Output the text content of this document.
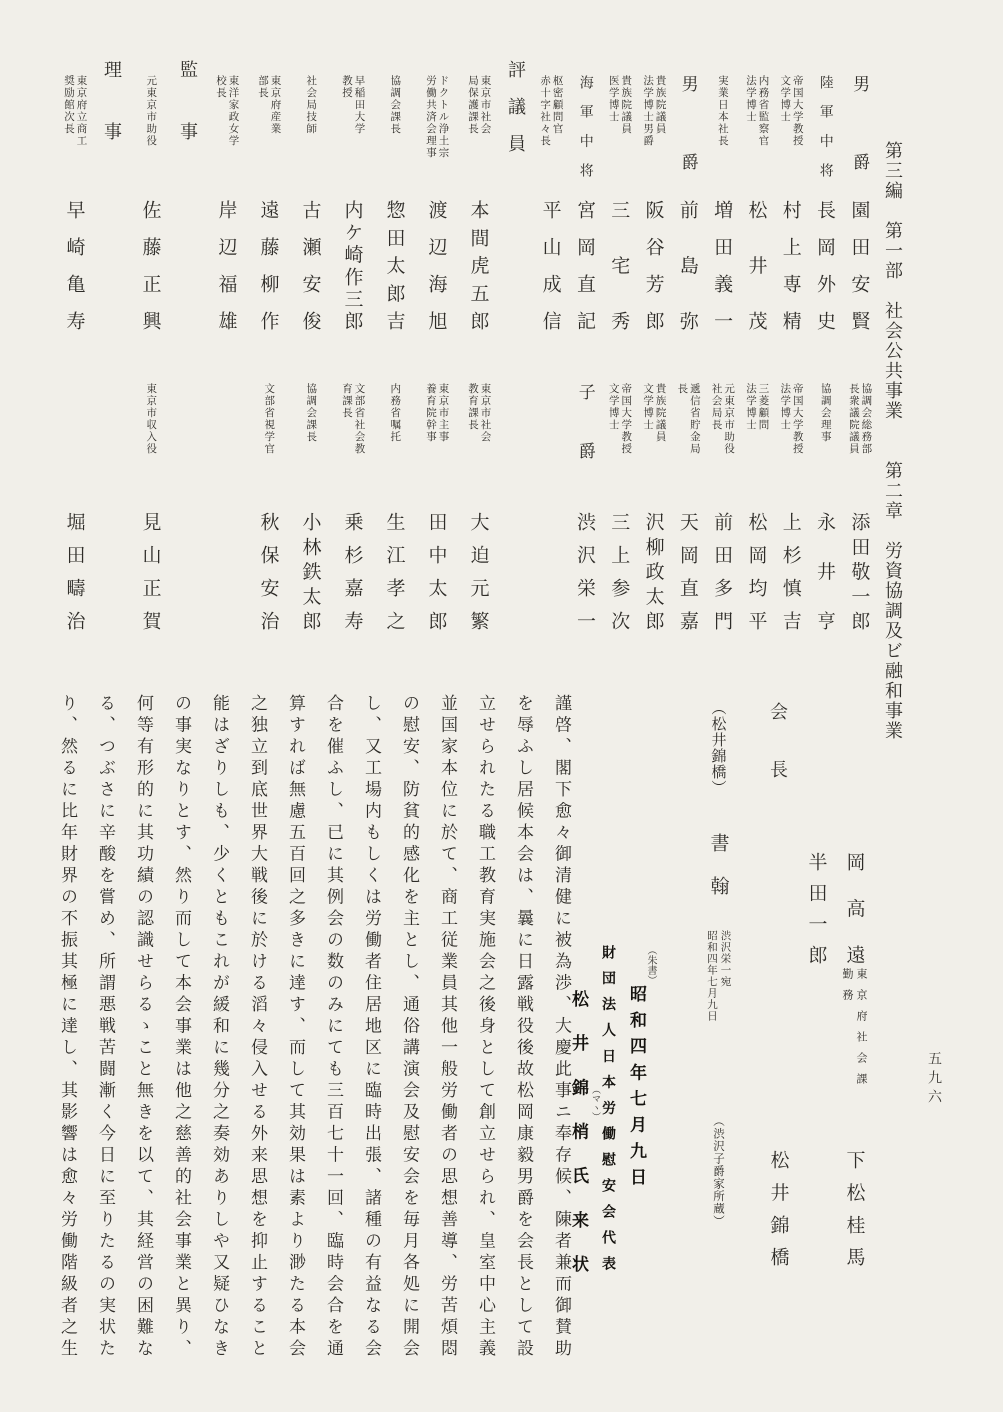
第三編　第一部　社会公共事業　　第二章　労資協調及ビ融和事業
男爵
園田安賢
協調会総務部
長衆議院議員
添田敬一郎
陸軍中将
長岡外史
協調会理事
永井亨
帝国大学教授
文学博士
村上専精
帝国大学教授
法学博士
上杉慎吉
内務省監察官
法学博士
松井茂
三菱顧問
法学博士
松岡均平
実業日本社長
増田義一
元東京市助役
社会局長
前田多門
男爵
前島弥
遞信省貯金局
長
天岡直嘉
貴族院議員
法学博士男爵
阪谷芳郎
貴族院議員
文学博士
沢柳政太郎
貴族院議員
医学博士
三宅秀
帝国大学教授
文学博士
三上参次
海軍中将
宮岡直記
子爵
渋沢栄一
枢密顧問官
赤十字社々長
平山成信
評議員
東京市社会
局保護課長
本間虎五郎
東京市社会
教育課長
大迫元繁
ドクトル浄土宗
労働共済会理事
渡辺海旭
東京市主事
養育院幹事
田中太郎
協調会課長
惣田太郎吉
内務省嘱托
生江孝之
早稲田大学
教授
内ケ崎作三郎
文部省社会教
育課長
乗杉嘉寿
社会局技師
古瀬安俊
協調会課長
小林鉄太郎
東京府産業
部長
遠藤柳作
文部省視学官
秋保安治
東洋家政女学
校長
岸辺福雄
監事
元東京市助役
佐藤正興
東京市収入役
見山正賀
理事
東京府立商工
奨励館次長
早崎亀寿
堀田疇治
岡高遠
東京府社会課
勤務
下松桂馬
半田一郎
会長
松井錦橋
（松井錦橋）
書翰
渋沢栄一宛
昭和四年七月九日
（渋沢子爵家所蔵）
（朱書）
昭和四年七月九日
財団法人日本労働慰安会代表
松井錦梢氏来状 （マヽ）

謹啓、閣下愈々御清健に被為渉、大慶此事ニ奉存候、陳者兼而御賛助

を辱ふし居候本会は、曩に日露戦役後故松岡康毅男爵を会長として設

立せられたる職工教育実施会之後身として創立せられ、皇室中心主義

並国家本位に於て、商工従業員其他一般労働者の思想善導、労苦煩悶

の慰安、防貧的感化を主とし、通俗講演会及慰安会を毎月各処に開会

し、又工場内もしくは労働者住居地区に臨時出張、諸種の有益なる会

合を催ふし、已に其例会の数のみにても三百七十一回、臨時会合を通

算すれば無慮五百回之多きに達す、而して其効果は素より渺たる本会

之独立到底世界大戦後に於ける滔々侵入せる外来思想を抑止すること

能はざりしも、少くともこれが緩和に幾分之奏効ありしや又疑ひなき

の事実なりとす、然り而して本会事業は他之慈善的社会事業と異り、

何等有形的に其功績の認識せらるゝこと無きを以て、其経営の困難な

る、つぶさに辛酸を嘗め、所謂悪戦苦闘漸く今日に至りたるの実状た

り、然るに比年財界の不振其極に達し、其影響は愈々労働階級者之生	五九六
